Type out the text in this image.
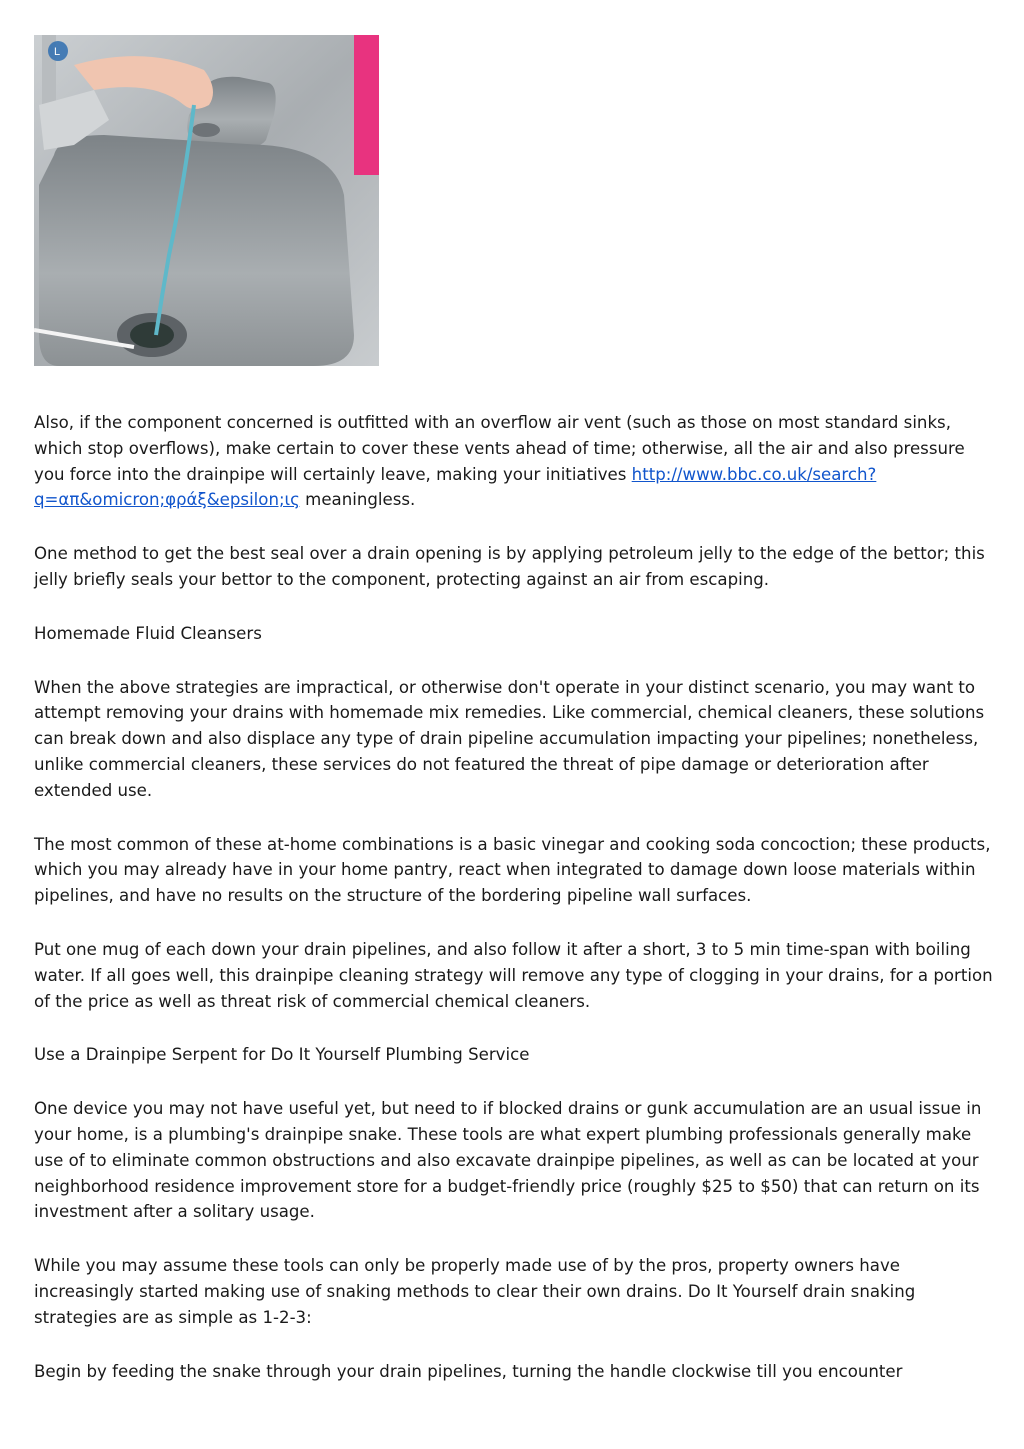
L

Also, if the component concerned is outfitted with an overflow air vent (such as those on most standard sinks, which stop overflows), make certain to cover these vents ahead of time; otherwise, all the air and also pressure you force into the drainpipe will certainly leave, making your initiatives http://www.bbc.co.uk/search?q=απ&omicron;φράξ&epsilon;ις meaningless.

One method to get the best seal over a drain opening is by applying petroleum jelly to the edge of the bettor; this jelly briefly seals your bettor to the component, protecting against an air from escaping.

Homemade Fluid Cleansers

When the above strategies are impractical, or otherwise don't operate in your distinct scenario, you may want to attempt removing your drains with homemade mix remedies. Like commercial, chemical cleaners, these solutions can break down and also displace any type of drain pipeline accumulation impacting your pipelines; nonetheless, unlike commercial cleaners, these services do not featured the threat of pipe damage or deterioration after extended use.

The most common of these at-home combinations is a basic vinegar and cooking soda concoction; these products, which you may already have in your home pantry, react when integrated to damage down loose materials within pipelines, and have no results on the structure of the bordering pipeline wall surfaces.

Put one mug of each down your drain pipelines, and also follow it after a short, 3 to 5 min time-span with boiling water. If all goes well, this drainpipe cleaning strategy will remove any type of clogging in your drains, for a portion of the price as well as threat risk of commercial chemical cleaners.

Use a Drainpipe Serpent for Do It Yourself Plumbing Service

One device you may not have useful yet, but need to if blocked drains or gunk accumulation are an usual issue in your home, is a plumbing's drainpipe snake. These tools are what expert plumbing professionals generally make use of to eliminate common obstructions and also excavate drainpipe pipelines, as well as can be located at your neighborhood residence improvement store for a budget-friendly price (roughly $25 to $50) that can return on its investment after a solitary usage.

While you may assume these tools can only be properly made use of by the pros, property owners have increasingly started making use of snaking methods to clear their own drains. Do It Yourself drain snaking strategies are as simple as 1-2-3:

Begin by feeding the snake through your drain pipelines, turning the handle clockwise till you encounter
